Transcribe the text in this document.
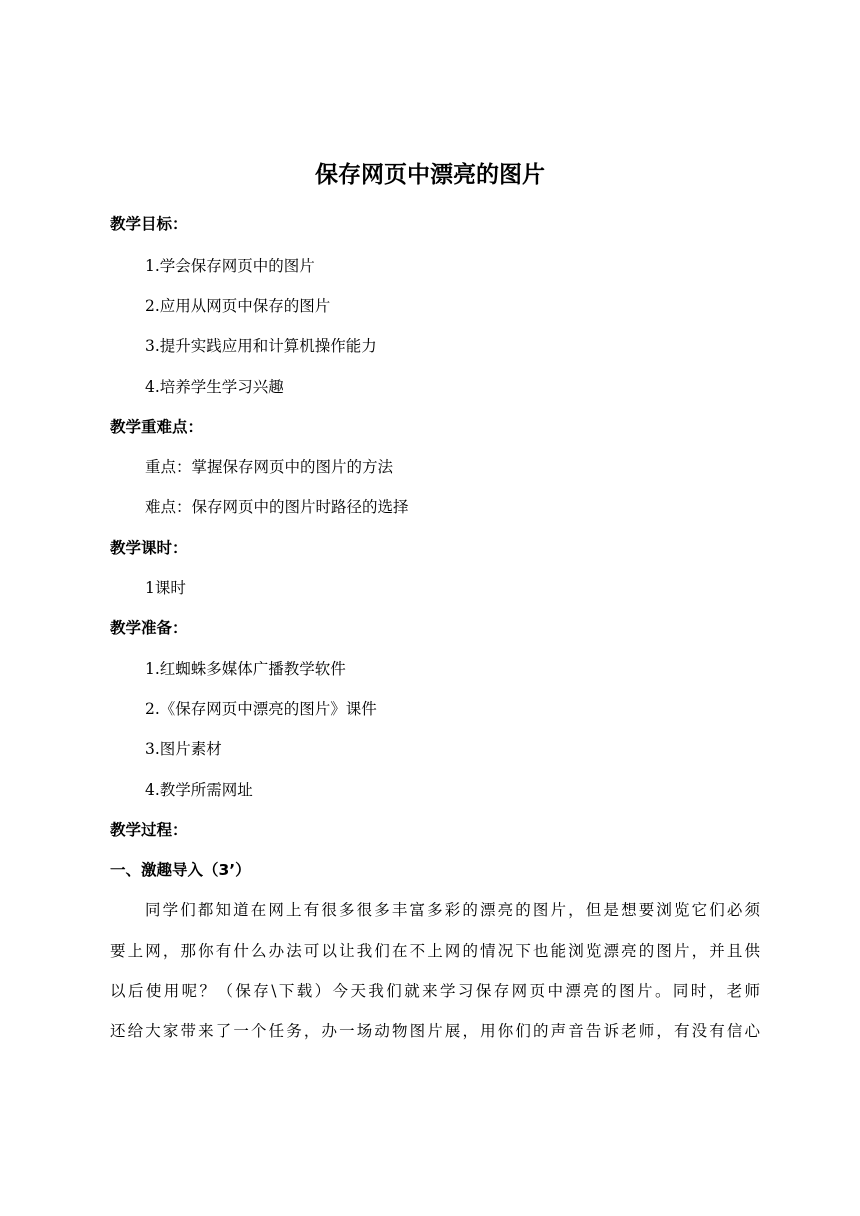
保存网页中漂亮的图片
教学目标：
1.学会保存网页中的图片
2.应用从网页中保存的图片
3.提升实践应用和计算机操作能力
4.培养学生学习兴趣
教学重难点：
重点：掌握保存网页中的图片的方法
难点：保存网页中的图片时路径的选择
教学课时：
1课时
教学准备：
1.红蜘蛛多媒体广播教学软件
2.《保存网页中漂亮的图片》课件
3.图片素材
4.教学所需网址
教学过程：
一、激趣导入（3’）
同学们都知道在网上有很多很多丰富多彩的漂亮的图片，但是想要浏览它们必须
要上网，那你有什么办法可以让我们在不上网的情况下也能浏览漂亮的图片，并且供
以后使用呢？（保存\下载）今天我们就来学习保存网页中漂亮的图片。同时，老师
还给大家带来了一个任务，办一场动物图片展，用你们的声音告诉老师，有没有信心
